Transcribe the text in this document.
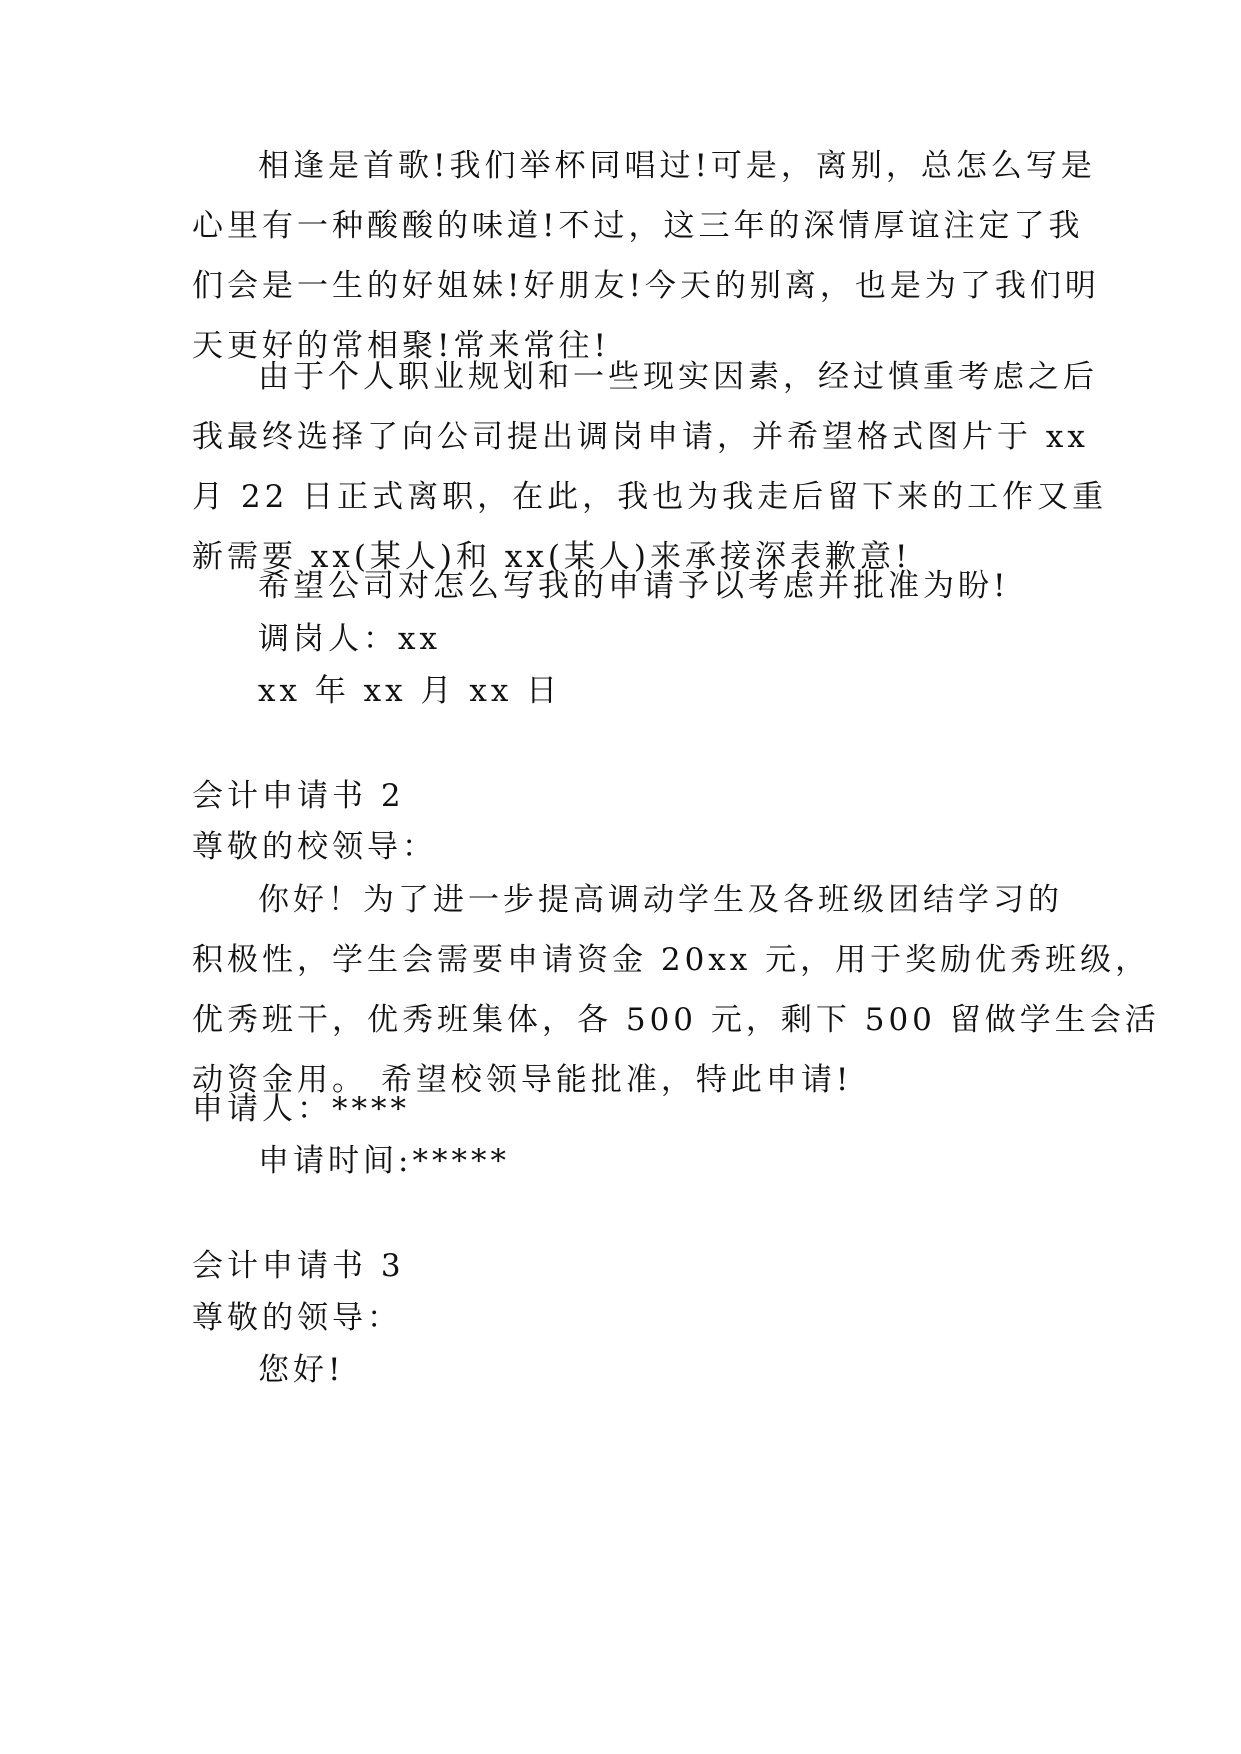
相逢是首歌!我们举杯同唱过!可是，离别，总怎么写是
心里有一种酸酸的味道!不过，这三年的深情厚谊注定了我
们会是一生的好姐妹!好朋友!今天的别离，也是为了我们明
天更好的常相聚!常来常往!
由于个人职业规划和一些现实因素，经过慎重考虑之后
我最终选择了向公司提出调岗申请，并希望格式图片于 xx
月 22 日正式离职，在此，我也为我走后留下来的工作又重
新需要 xx(某人)和 xx(某人)来承接深表歉意!
希望公司对怎么写我的申请予以考虑并批准为盼!
调岗人：xx
xx 年 xx 月 xx 日
会计申请书 2
尊敬的校领导：
你好！为了进一步提高调动学生及各班级团结学习的
积极性，学生会需要申请资金 20xx 元，用于奖励优秀班级，
优秀班干，优秀班集体，各 500 元，剩下 500 留做学生会活
动资金用。 希望校领导能批准，特此申请!
申请人：****
申请时间:*****
会计申请书 3
尊敬的领导：
您好!
